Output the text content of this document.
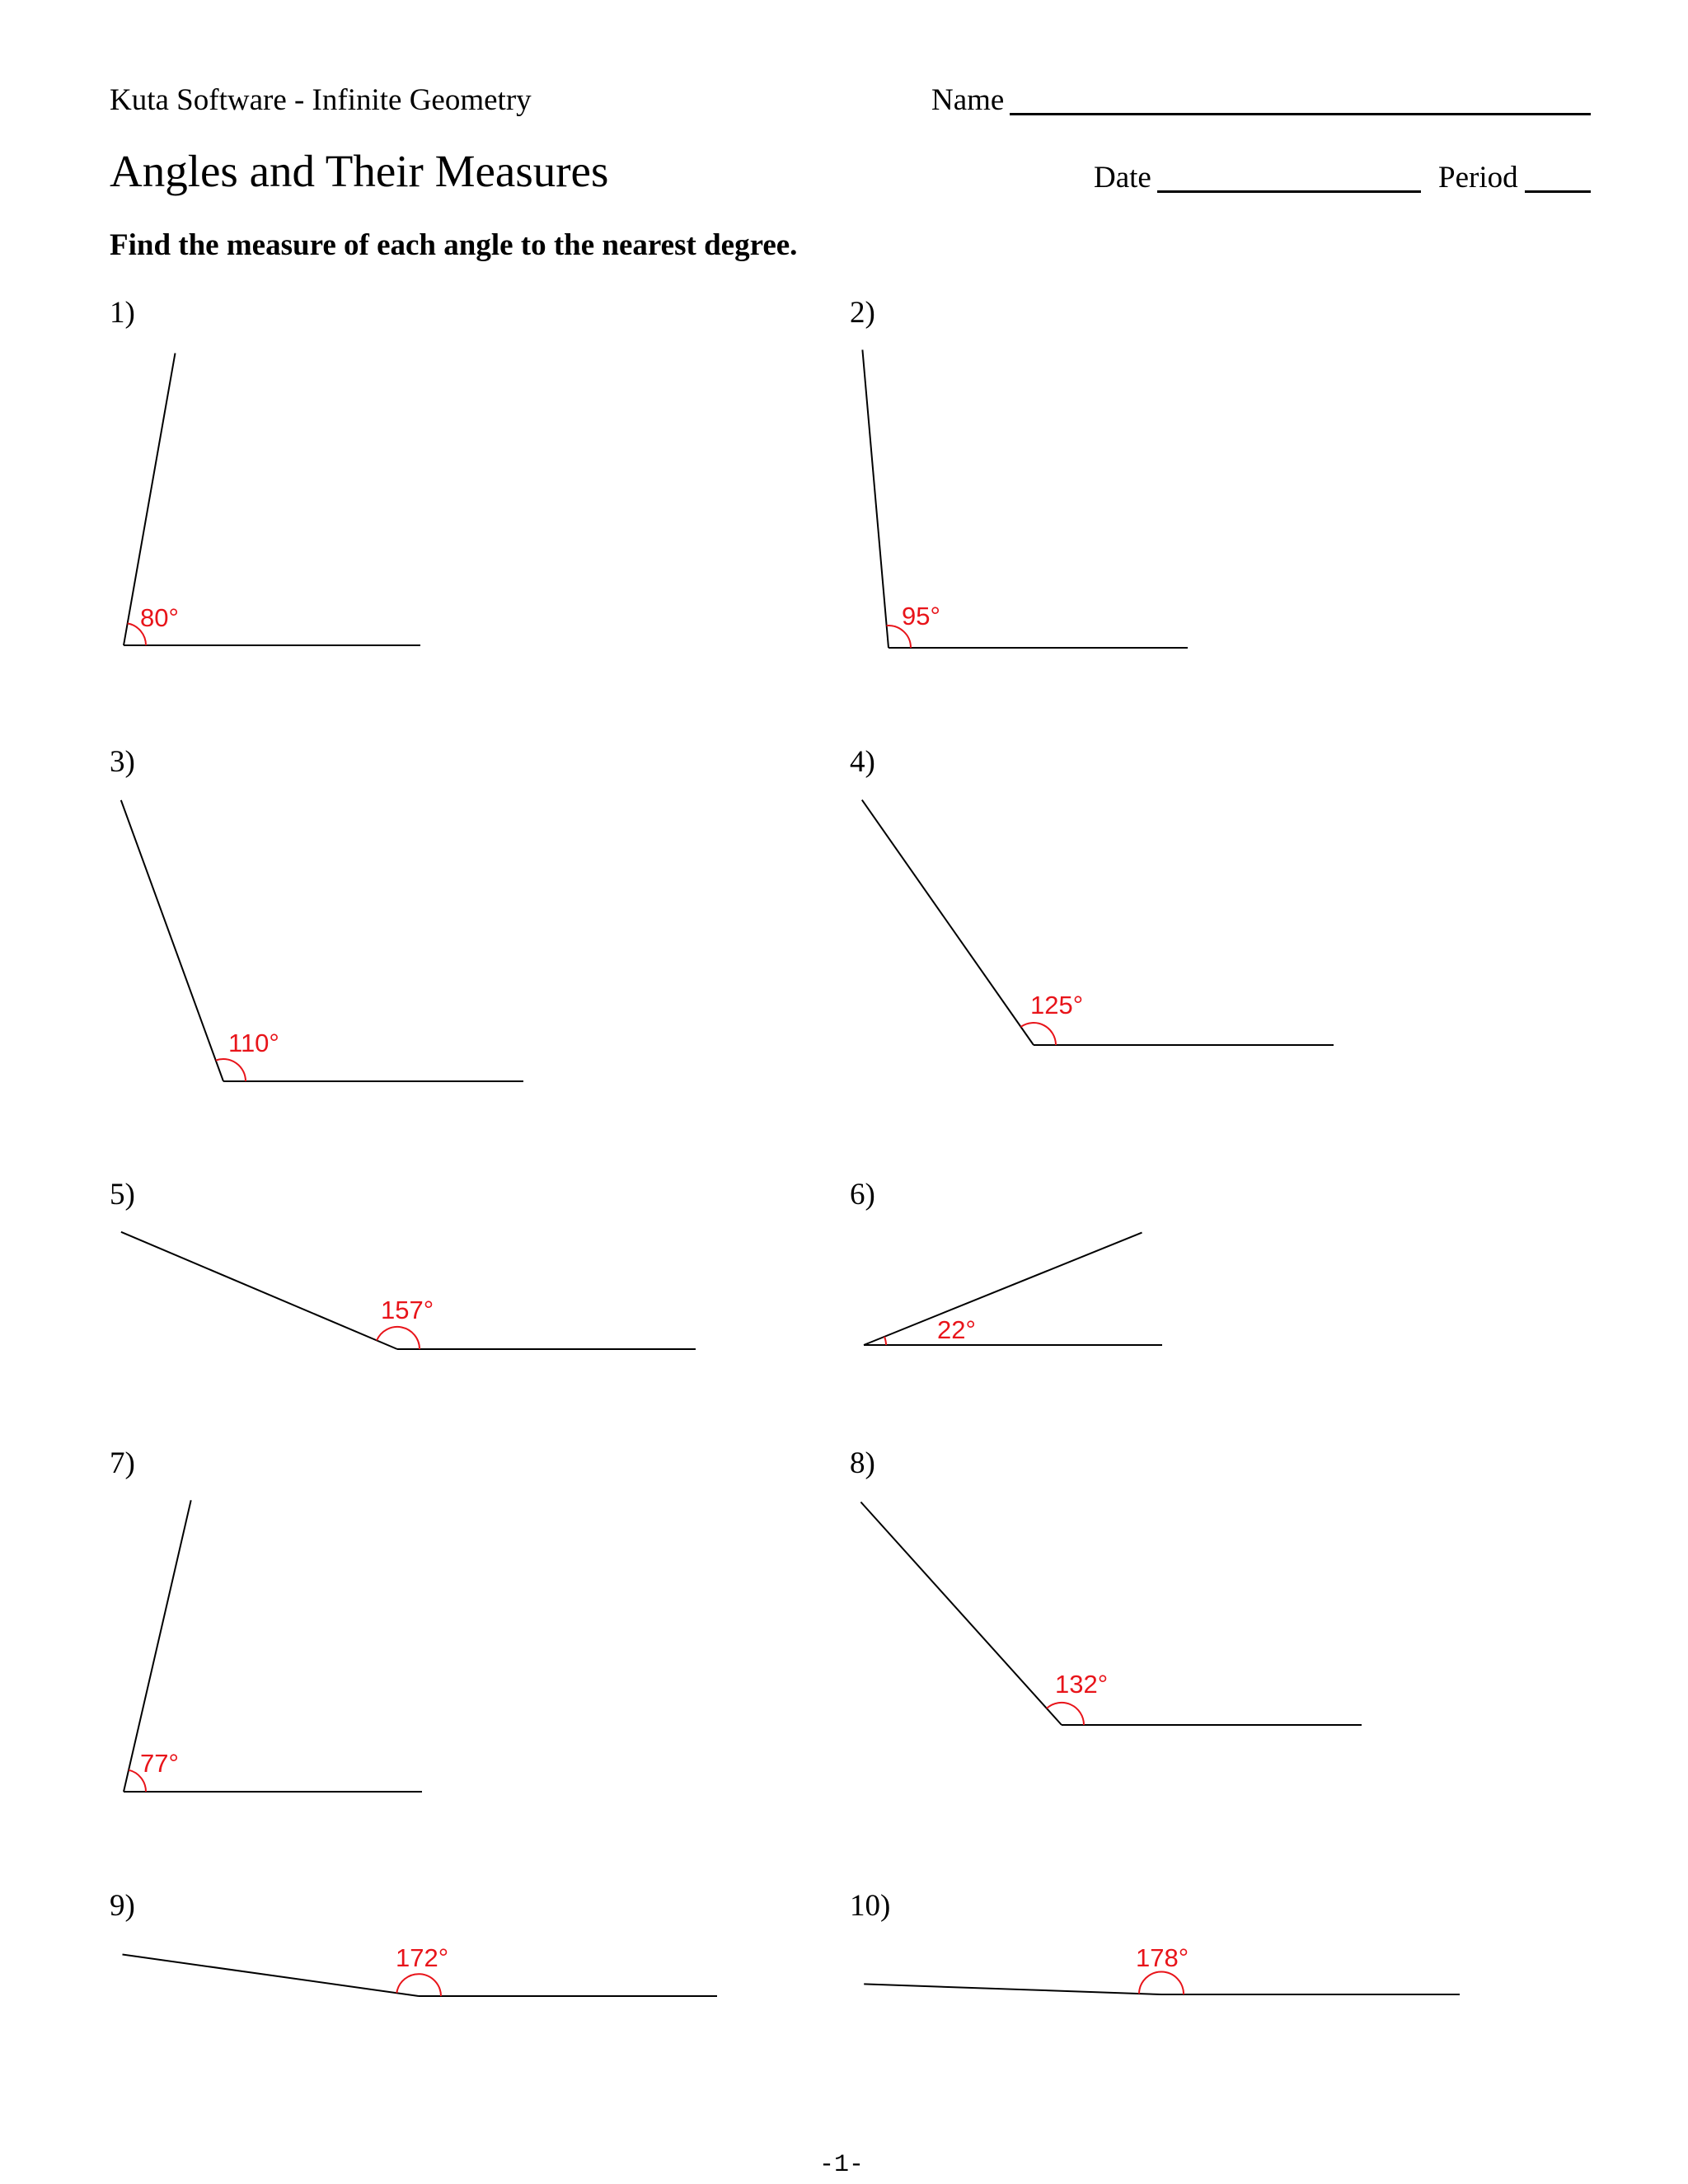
Kuta Software - Infinite Geometry	Name
Angles and Their Measures	Date	Period
Find the measure of each angle to the nearest degree.
1)	2)
3)	4)
5)	6)
7)	8)
9)	10)
80°	95°
110°
125°
157°
22°
77°
132°
172°	178°
-1-
